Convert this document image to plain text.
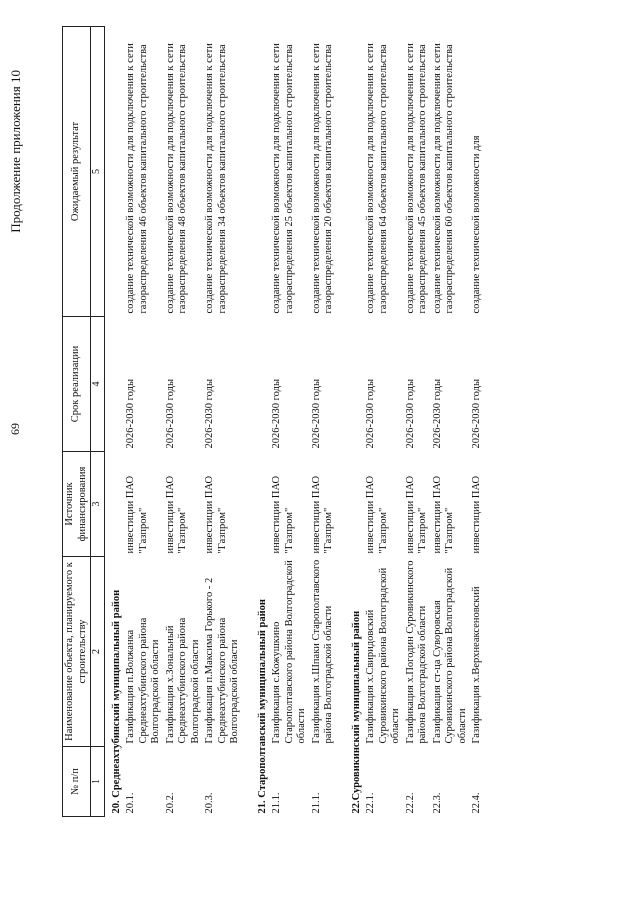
69
Продолжение приложения 10
№ п/п	Наименование объекта, планируемого к строительству	Источник финансирования	Срок реализации	Ожидаемый результат
1	2	3	4	5
20. Среднеахтубинский муниципальный район				
20.1.	Газификация п.Волжанка Среднеахтубинского района Волгоградской области	инвестиции ПАО "Газпром"	2026-2030 годы	создание технической возможности для подключения к сети газораспределения 46 объектов капитального строительства
20.2.	Газификация х.Зональный Среднеахтубинского района Волгоградской области	инвестиции ПАО "Газпром"	2026-2030 годы	создание технической возможности для подключения к сети газораспределения 48 объектов капитального строительства
20.3.	Газификация п.Максима Горького - 2 Среднеахтубинского района Волгоградской области	инвестиции ПАО "Газпром"	2026-2030 годы	создание технической возможности для подключения к сети газораспределения 34 объектов капитального строительства

21. Старополтавский муниципальный район				
21.1.	Газификация с.Кожушкино Старополтавского района Волгоградской области	инвестиции ПАО "Газпром"	2026-2030 годы	создание технической возможности для подключения к сети газораспределения 25 объектов капитального строительства
21.1.	Газификация х.Шпаки Старополтавского района Волгоградской области	инвестиции ПАО "Газпром"	2026-2030 годы	создание технической возможности для подключения к сети газораспределения 20 объектов капитального строительства

22.Суровикинский муниципальный район				
22.1.	Газификация х.Свиридовский Суровикинского района Волгоградской области	инвестиции ПАО "Газпром"	2026-2030 годы	создание технической возможности для подключения к сети газораспределения 64 объектов капитального строительства
22.2.	Газификация х.Погодин Суровикинского района Волгоградской области	инвестиции ПАО "Газпром"	2026-2030 годы	создание технической возможности для подключения к сети газораспределения 45 объектов капитального строительства
22.3.	Газификация ст-ца Суворовская Суровикинского района Волгоградской области	инвестиции ПАО "Газпром"	2026-2030 годы	создание технической возможности для подключения к сети газораспределения 60 объектов капитального строительства
22.4.	Газификация х.Верхнеаксеновский	инвестиции ПАО	2026-2030 годы	создание технической возможности для
